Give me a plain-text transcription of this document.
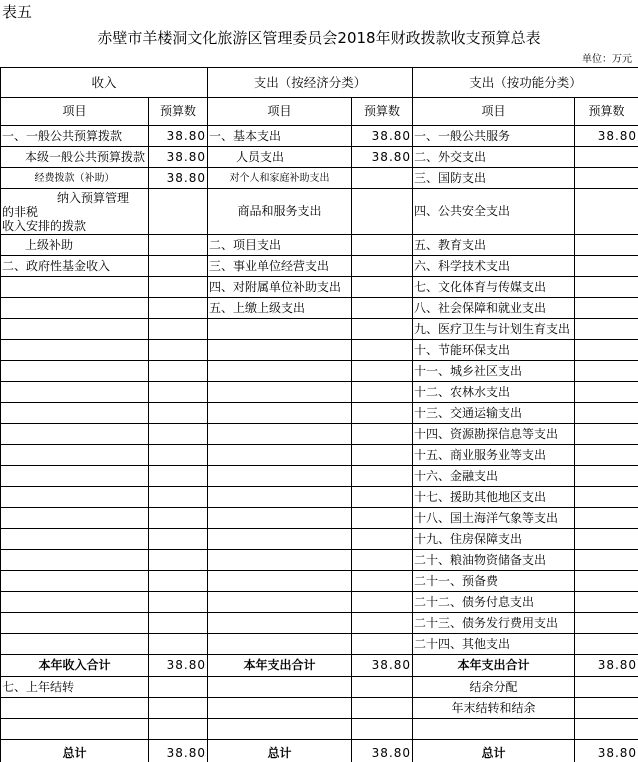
表五
赤壁市羊楼洞文化旅游区管理委员会2018年财政拨款收支预算总表
单位：万元
收入		支出（按经济分类）		支出（按功能分类）	
项目	预算数	项目	预算数	项目	预算数
一、一般公共预算拨款	38.80	一、基本支出	38.80	一、一般公共服务	38.80
本级一般公共预算拨款	38.80	人员支出	38.80	二、外交支出	
经费拨款（补助）	38.80	对个人和家庭补助支出		三、国防支出	

纳入预算管理
的非税
收入安排的拨款		商品和服务支出		四、公共安全支出	
上级补助		二、项目支出		五、教育支出	
二、政府性基金收入		三、事业单位经营支出		六、科学技术支出	
		四、对附属单位补助支出		七、文化体育与传媒支出	
		五、上缴上级支出		八、社会保障和就业支出	
				九、医疗卫生与计划生育支出	
				十、节能环保支出	
				十一、城乡社区支出	
				十二、农林水支出	
				十三、交通运输支出	
				十四、资源勘探信息等支出	
				十五、商业服务业等支出	
				十六、金融支出	
				十七、援助其他地区支出	
				十八、国土海洋气象等支出	
				十九、住房保障支出	
				二十、粮油物资储备支出	
				二十一、预备费	
				二十二、债务付息支出	
				二十三、债务发行费用支出	
				二十四、其他支出	
本年收入合计	38.80	本年支出合计	38.80	本年支出合计	38.80
七、上年结转				结余分配	
				年末结转和结余	

总计	38.80	总计	38.80	总计	38.80
